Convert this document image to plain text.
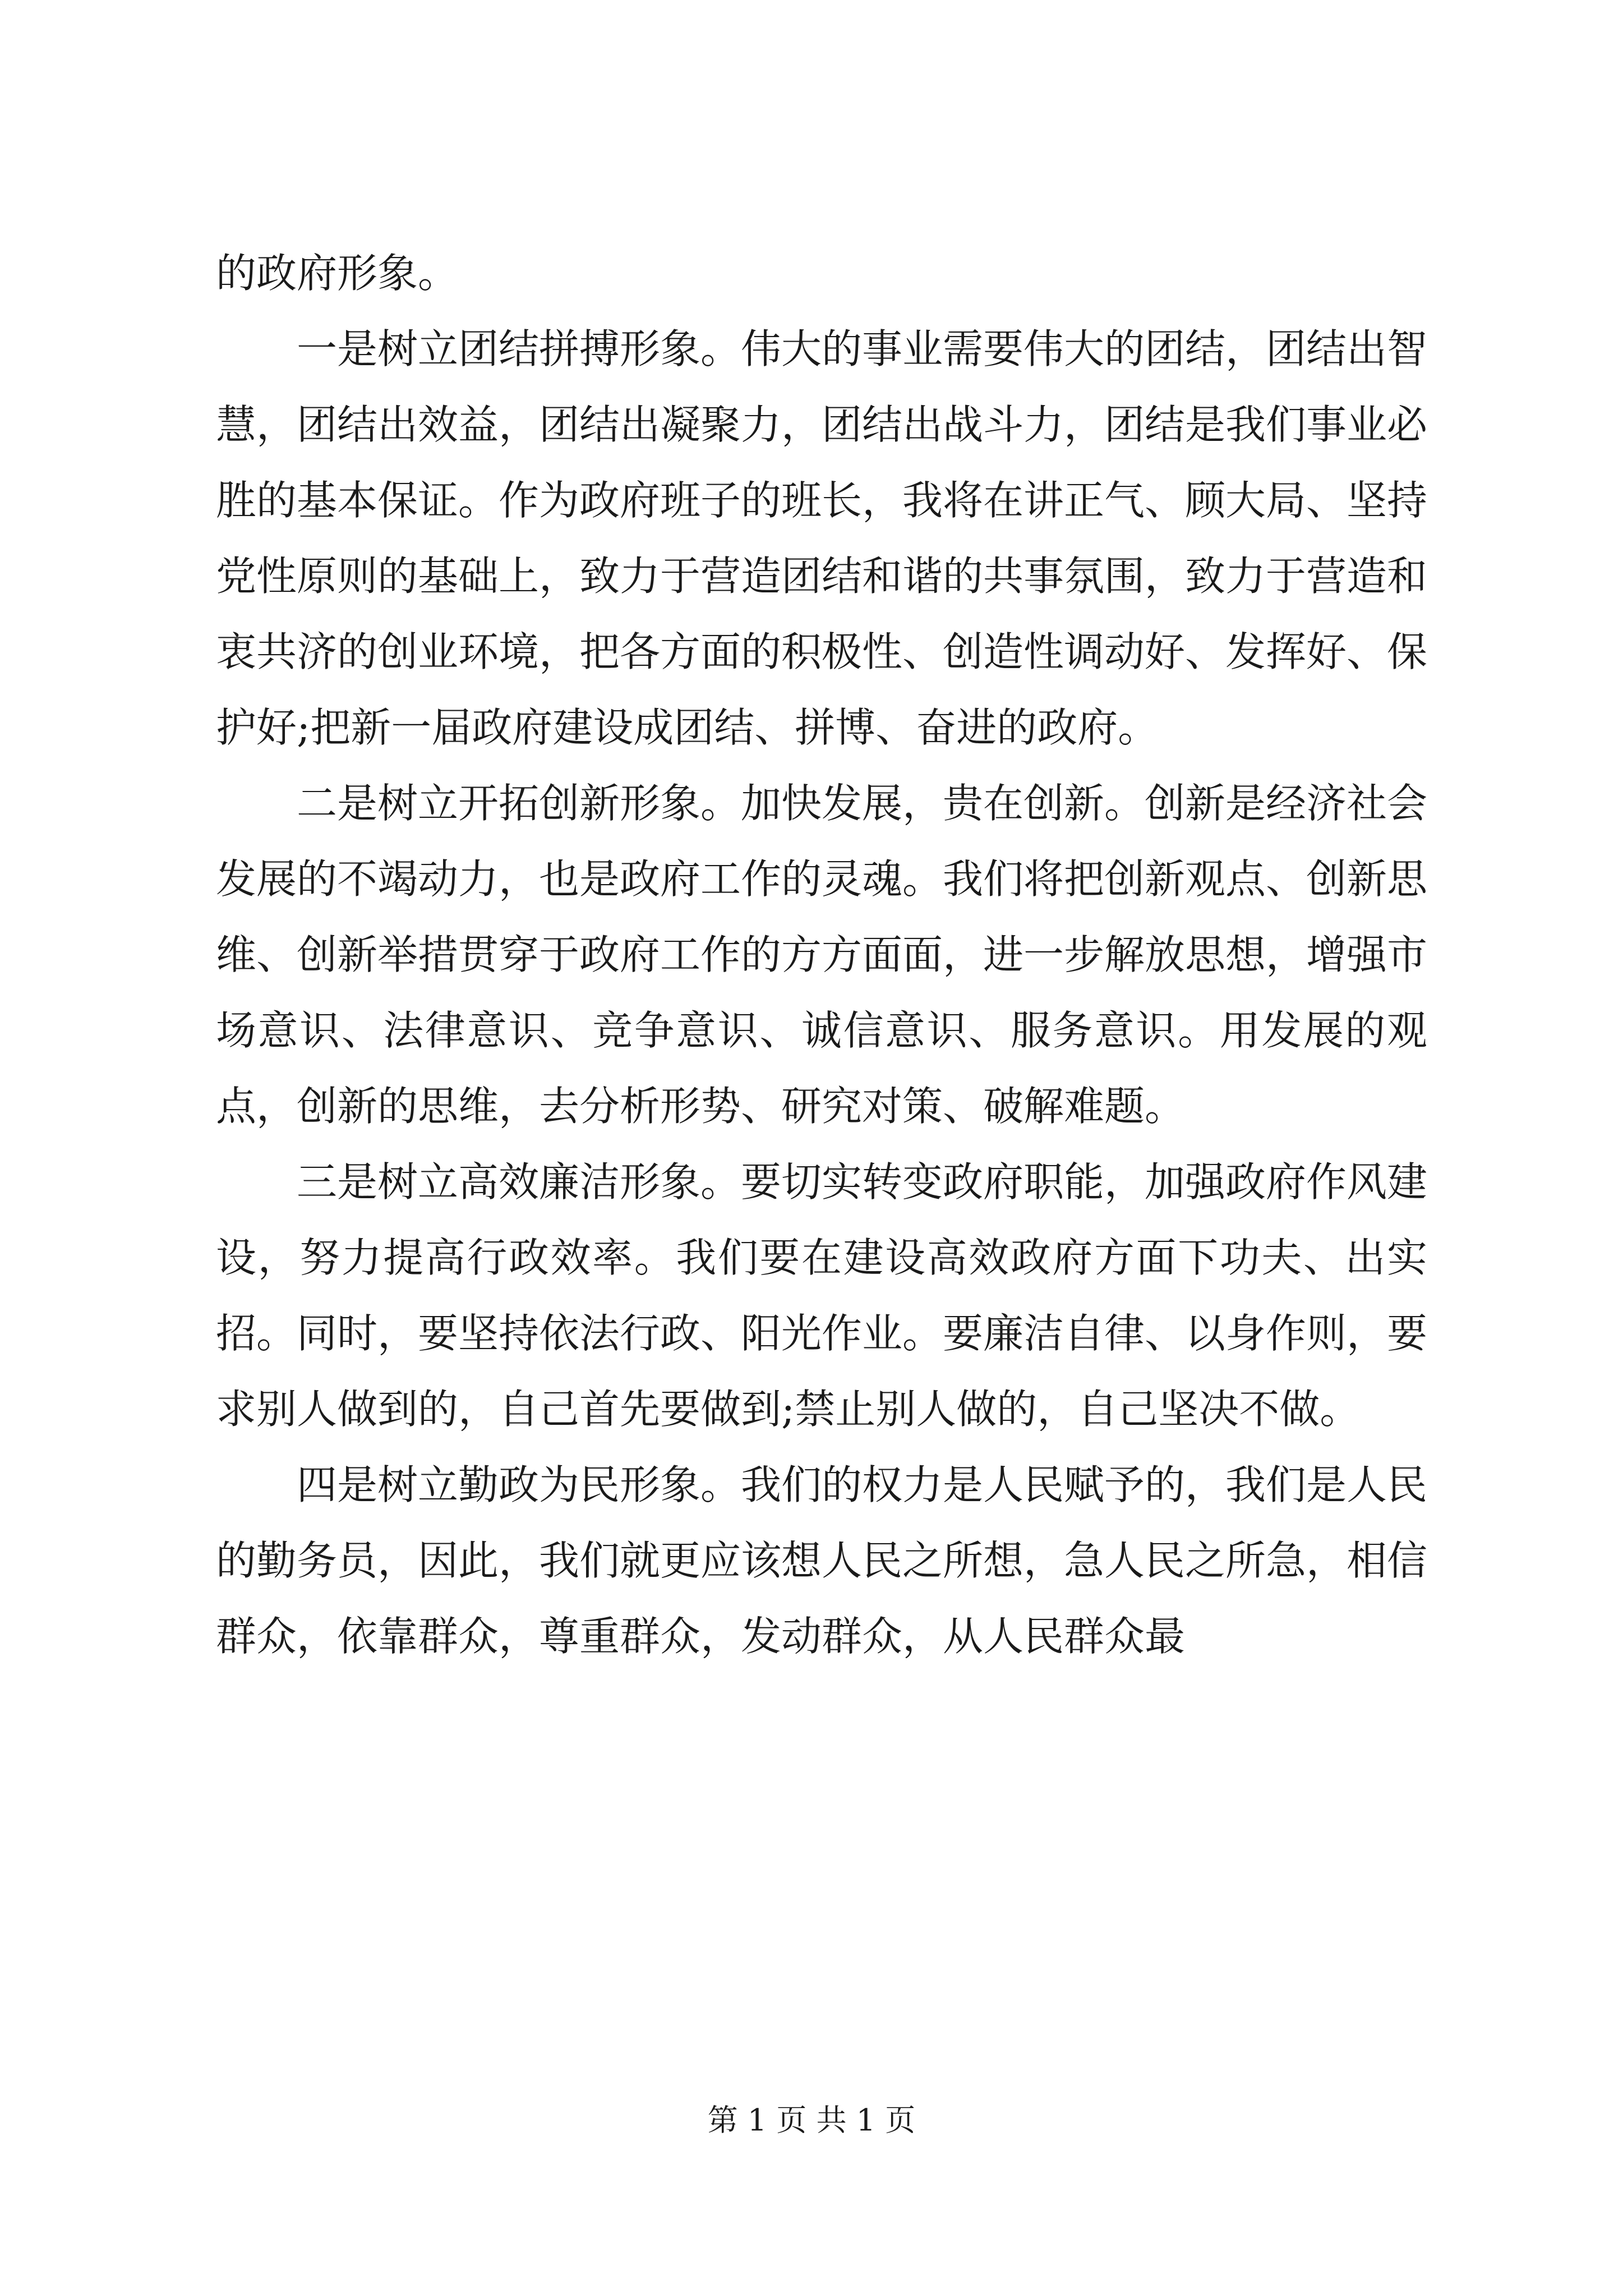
的政府形象。

一是树立团结拼搏形象。伟大的事业需要伟大的团结，团结出智慧，团结出效益，团结出凝聚力，团结出战斗力，团结是我们事业必胜的基本保证。作为政府班子的班长，我将在讲正气、顾大局、坚持党性原则的基础上，致力于营造团结和谐的共事氛围，致力于营造和衷共济的创业环境，把各方面的积极性、创造性调动好、发挥好、保护好;把新一届政府建设成团结、拼博、奋进的政府。

二是树立开拓创新形象。加快发展，贵在创新。创新是经济社会发展的不竭动力，也是政府工作的灵魂。我们将把创新观点、创新思维、创新举措贯穿于政府工作的方方面面，进一步解放思想，增强市场意识、法律意识、竞争意识、诚信意识、服务意识。用发展的观点，创新的思维，去分析形势、研究对策、破解难题。

三是树立高效廉洁形象。要切实转变政府职能，加强政府作风建设，努力提高行政效率。我们要在建设高效政府方面下功夫、出实招。同时，要坚持依法行政、阳光作业。要廉洁自律、以身作则，要求别人做到的，自己首先要做到;禁止别人做的，自己坚决不做。

四是树立勤政为民形象。我们的权力是人民赋予的，我们是人民的勤务员，因此，我们就更应该想人民之所想，急人民之所急，相信群众，依靠群众，尊重群众，发动群众，从人民群众最

第 1 页 共 1 页
